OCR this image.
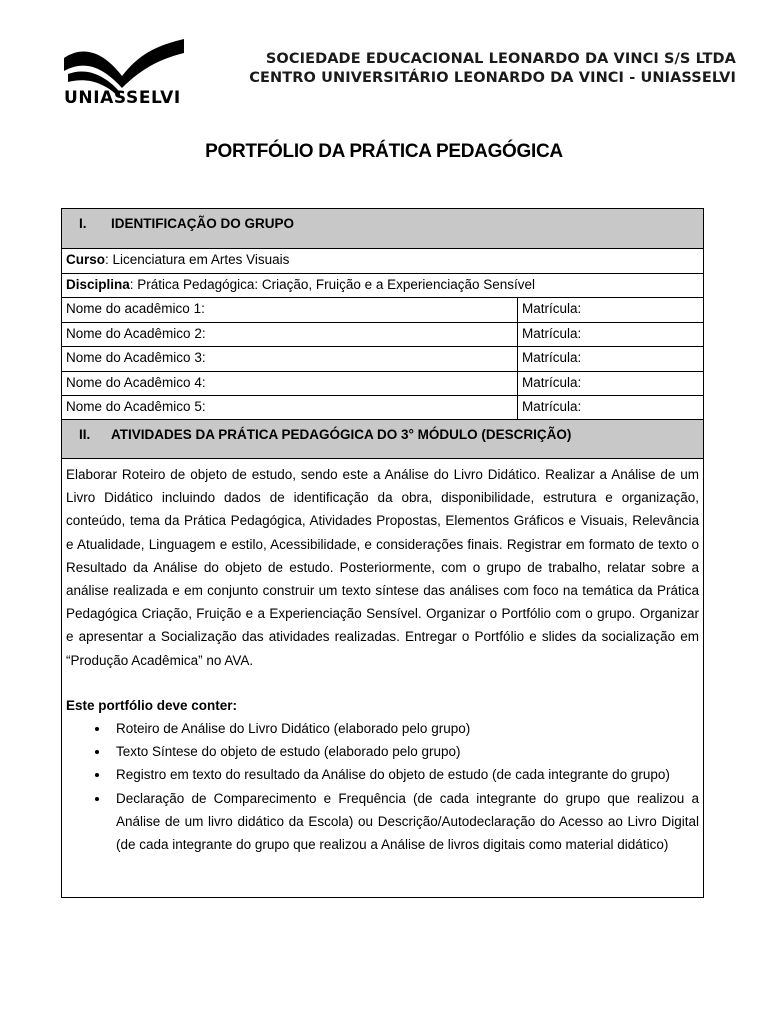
UNIASSELVI
SOCIEDADE EDUCACIONAL LEONARDO DA VINCI S/S LTDA
CENTRO UNIVERSITÁRIO LEONARDO DA VINCI - UNIASSELVI
PORTFÓLIO DA PRÁTICA PEDAGÓGICA
I. IDENTIFICAÇÃO DO GRUPO
Curso: Licenciatura em Artes Visuais
Disciplina: Prática Pedagógica: Criação, Fruição e a Experienciação Sensível
Nome do acadêmico 1:	Matrícula:
Nome do Acadêmico 2:	Matrícula:
Nome do Acadêmico 3:	Matrícula:
Nome do Acadêmico 4:	Matrícula:
Nome do Acadêmico 5:	Matrícula:
II. ATIVIDADES DA PRÁTICA PEDAGÓGICA DO 3° MÓDULO (DESCRIÇÃO)
Elaborar Roteiro de objeto de estudo, sendo este a Análise do Livro Didático. Realizar a Análise de um Livro Didático incluindo dados de identificação da obra, disponibilidade, estrutura e organização, conteúdo, tema da Prática Pedagógica, Atividades Propostas, Elementos Gráficos e Visuais, Relevância e Atualidade, Linguagem e estilo, Acessibilidade, e considerações finais. Registrar em formato de texto o Resultado da Análise do objeto de estudo. Posteriormente, com o grupo de trabalho, relatar sobre a análise realizada e em conjunto construir um texto síntese das análises com foco na temática da Prática Pedagógica Criação, Fruição e a Experienciação Sensível. Organizar o Portfólio com o grupo. Organizar e apresentar a Socialização das atividades realizadas. Entregar o Portfólio e slides da socialização em “Produção Acadêmica” no AVA.
Este portfólio deve conter:
• Roteiro de Análise do Livro Didático (elaborado pelo grupo)
• Texto Síntese do objeto de estudo (elaborado pelo grupo)
• Registro em texto do resultado da Análise do objeto de estudo (de cada integrante do grupo)
• Declaração de Comparecimento e Frequência (de cada integrante do grupo que realizou a Análise de um livro didático da Escola) ou Descrição/Autodeclaração do Acesso ao Livro Digital (de cada integrante do grupo que realizou a Análise de livros digitais como material didático)
